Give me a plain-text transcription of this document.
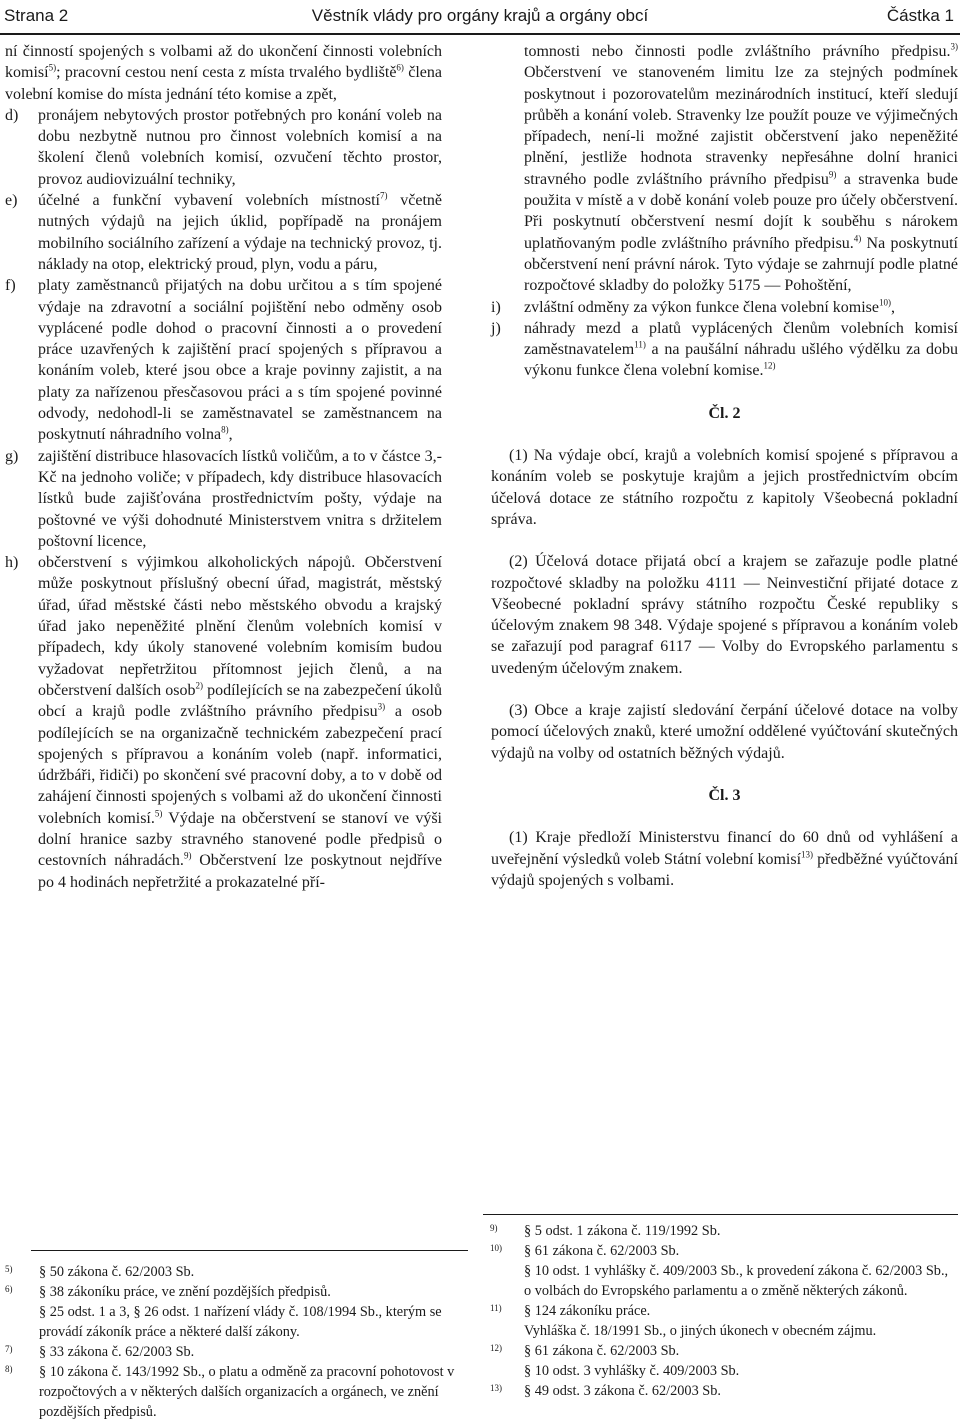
Strana 2	Věstník vlády pro orgány krajů a orgány obcí	Částka 1

ní činností spojených s volbami až do ukončení činnosti volebních komisí$^{5)}$; pracovní cestou není cesta z místa trvalého bydliště$^{6)}$ člena volební komise do místa jednání této komise a zpět,

d) pronájem nebytových prostor potřebných pro konání voleb na dobu nezbytně nutnou pro činnost volebních komisí a na školení členů volebních komisí, ozvučení těchto prostor, provoz audiovizuální techniky,

e) účelné a funkční vybavení volebních místností$^{7)}$ včetně nutných výdajů na jejich úklid, popřípadě na pronájem mobilního sociálního zařízení a výdaje na technický provoz, tj. náklady na otop, elektrický proud, plyn, vodu a páru,

f) platy zaměstnanců přijatých na dobu určitou a s tím spojené výdaje na zdravotní a sociální pojištění nebo odměny osob vyplácené podle dohod o pracovní činnosti a o provedení práce uzavřených k zajištění prací spojených s přípravou a konáním voleb, které jsou obce a kraje povinny zajistit, a na platy za nařízenou přesčasovou práci a s tím spojené povinné odvody, nedohodl-li se zaměstnavatel se zaměstnancem na poskytnutí náhradního volna$^{8)}$,

g) zajištění distribuce hlasovacích lístků voličům, a to v částce 3,- Kč na jednoho voliče; v případech, kdy distribuce hlasovacích lístků bude zajišťována prostřednictvím pošty, výdaje na poštovné ve výši dohodnuté Ministerstvem vnitra s držitelem poštovní licence,

h) občerstvení s výjimkou alkoholických nápojů. Občerstvení může poskytnout příslušný obecní úřad, magistrát, městský úřad, úřad městské části nebo městského obvodu a krajský úřad jako nepeněžité plnění členům volebních komisí v případech, kdy úkoly stanovené volebním komisím budou vyžadovat nepřetržitou přítomnost jejich členů, a na občerstvení dalších osob$^{2)}$ podílejících se na zabezpečení úkolů obcí a krajů podle zvláštního právního předpisu$^{3)}$ a osob podílejících se na organizačně technickém zabezpečení prací spojených s přípravou a konáním voleb (např. informatici, údržbáři, řidiči) po skončení své pracovní doby, a to v době od zahájení činnosti spojených s volbami až do ukončení činnosti volebních komisí.$^{5)}$ Výdaje na občerstvení se stanoví ve výši dolní hranice sazby stravného stanovené podle předpisů o cestovních náhradách.$^{9)}$ Občerstvení lze poskytnout nejdříve po 4 hodinách nepřetržité a prokazatelné pří-

tomnosti nebo činnosti podle zvláštního právního předpisu.$^{3)}$ Občerstvení ve stanoveném limitu lze za stejných podmínek poskytnout i pozorovatelům mezinárodních institucí, kteří sledují průběh a konání voleb. Stravenky lze použít pouze ve výjimečných případech, není-li možné zajistit občerstvení jako nepeněžité plnění, jestliže hodnota stravenky nepřesáhne dolní hranici stravného podle zvláštního právního předpisu$^{9)}$ a stravenka bude použita v místě a v době konání voleb pouze pro účely občerstvení. Při poskytnutí občerstvení nesmí dojít k souběhu s nárokem uplatňovaným podle zvláštního právního předpisu.$^{4)}$ Na poskytnutí občerstvení není právní nárok. Tyto výdaje se zahrnují podle platné rozpočtové skladby do položky 5175 — Pohoštění,

i) zvláštní odměny za výkon funkce člena volební komise$^{10)}$,

j) náhrady mezd a platů vyplácených členům volebních komisí zaměstnavatelem$^{11)}$ a na paušální náhradu ušlého výdělku za dobu výkonu funkce člena volební komise.$^{12)}$

Čl. 2

(1) Na výdaje obcí, krajů a volebních komisí spojené s přípravou a konáním voleb se poskytuje krajům a jejich prostřednictvím obcím účelová dotace ze státního rozpočtu z kapitoly Všeobecná pokladní správa.

(2) Účelová dotace přijatá obcí a krajem se zařazuje podle platné rozpočtové skladby na položku 4111 — Neinvestiční přijaté dotace z Všeobecné pokladní správy státního rozpočtu České republiky s účelovým znakem 98 348. Výdaje spojené s přípravou a konáním voleb se zařazují pod paragraf 6117 — Volby do Evropského parlamentu s uvedeným účelovým znakem.

(3) Obce a kraje zajistí sledování čerpání účelové dotace na volby pomocí účelových znaků, které umožní oddělené vyúčtování skutečných výdajů na volby od ostatních běžných výdajů.

Čl. 3

(1) Kraje předloží Ministerstvu financí do 60 dnů od vyhlášení a uveřejnění výsledků voleb Státní volební komisí$^{13)}$ předběžné vyúčtování výdajů spojených s volbami.

5) § 50 zákona č. 62/2003 Sb.
6) § 38 zákoníku práce, ve znění pozdějších předpisů.
§ 25 odst. 1 a 3, § 26 odst. 1 nařízení vlády č. 108/1994 Sb., kterým se provádí zákoník práce a některé další zákony.
7) § 33 zákona č. 62/2003 Sb.
8) § 10 zákona č. 143/1992 Sb., o platu a odměně za pracovní pohotovost v rozpočtových a v některých dalších organizacích a orgánech, ve znění pozdějších předpisů.
9) § 5 odst. 1 zákona č. 119/1992 Sb.
10) § 61 zákona č. 62/2003 Sb.
§ 10 odst. 1 vyhlášky č. 409/2003 Sb., k provedení zákona č. 62/2003 Sb., o volbách do Evropského parlamentu a o změně některých zákonů.
11) § 124 zákoníku práce.
Vyhláška č. 18/1991 Sb., o jiných úkonech v obecném zájmu.
12) § 61 zákona č. 62/2003 Sb.
§ 10 odst. 3 vyhlášky č. 409/2003 Sb.
13) § 49 odst. 3 zákona č. 62/2003 Sb.
